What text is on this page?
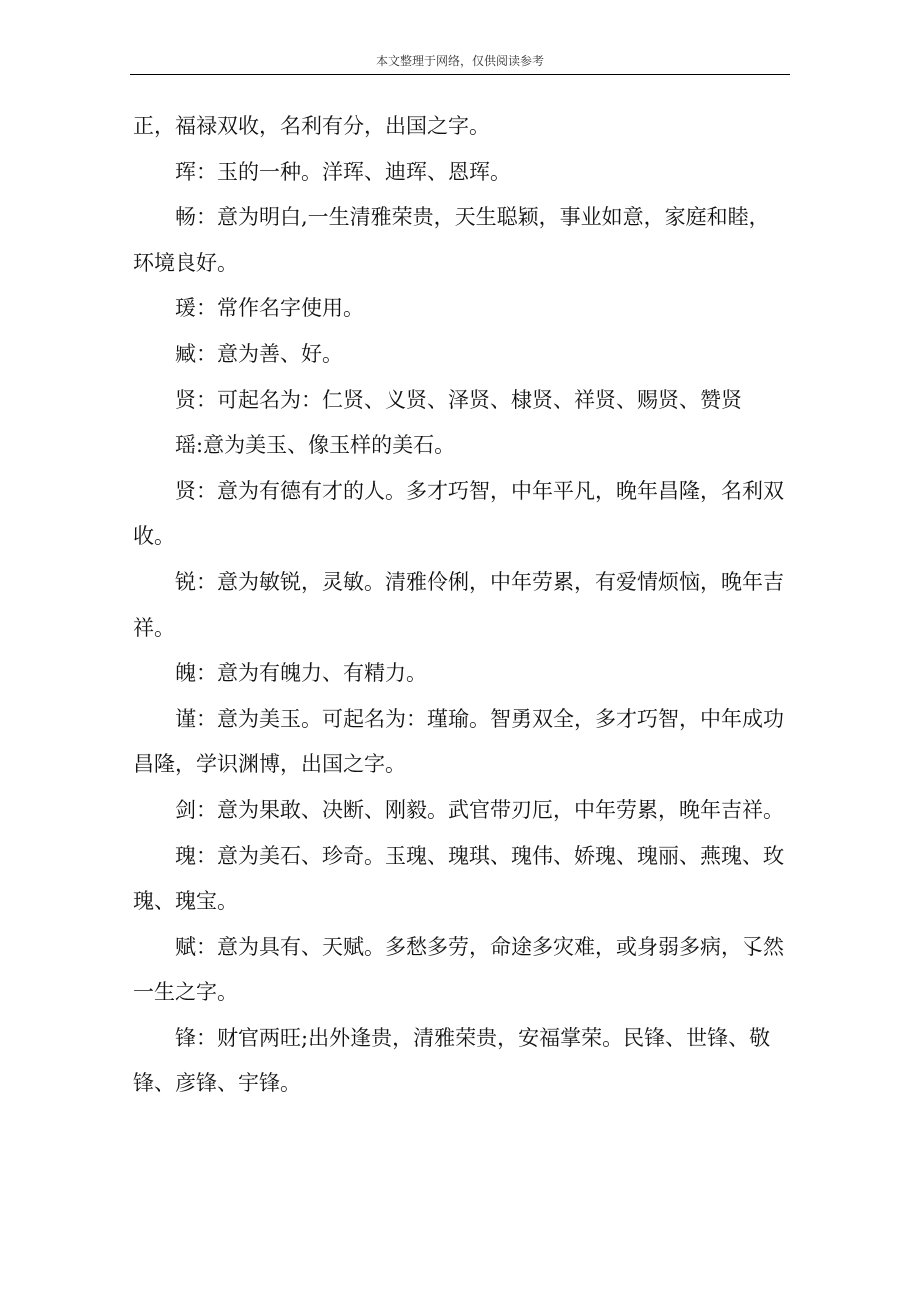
本文整理于网络，仅供阅读参考

正，福禄双收，名利有分，出国之字。

珲：玉的一种。洋珲、迪珲、恩珲。

畅：意为明白,一生清雅荣贵，天生聪颖，事业如意，家庭和睦，环境良好。

瑗：常作名字使用。

臧：意为善、好。

贤：可起名为：仁贤、义贤、泽贤、棣贤、祥贤、赐贤、赞贤

瑶:意为美玉、像玉样的美石。

贤：意为有德有才的人。多才巧智，中年平凡，晚年昌隆，名利双收。

锐：意为敏锐，灵敏。清雅伶俐，中年劳累，有爱情烦恼，晚年吉祥。

魄：意为有魄力、有精力。

谨：意为美玉。可起名为：瑾瑜。智勇双全，多才巧智，中年成功昌隆，学识渊博，出国之字。

剑：意为果敢、决断、刚毅。武官带刃厄，中年劳累，晚年吉祥。

瑰：意为美石、珍奇。玉瑰、瑰琪、瑰伟、娇瑰、瑰丽、燕瑰、玫瑰、瑰宝。

赋：意为具有、天赋。多愁多劳，命途多灾难，或身弱多病，孓然一生之字。

锋：财官两旺;出外逢贵，清雅荣贵，安福掌荣。民锋、世锋、敬锋、彦锋、宇锋。
